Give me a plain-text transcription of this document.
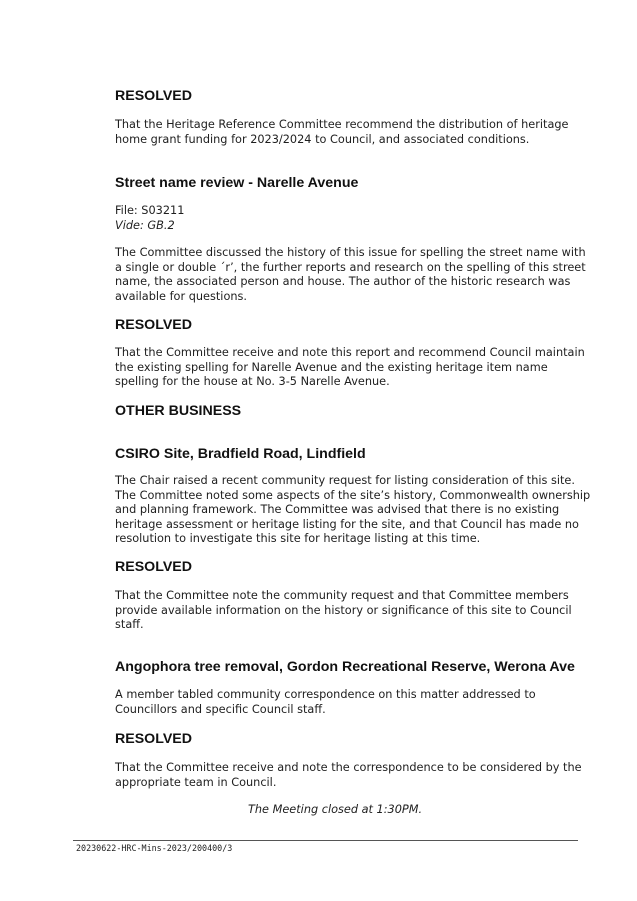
RESOLVED
That the Heritage Reference Committee recommend the distribution of heritage
home grant funding for 2023/2024 to Council, and associated conditions.
Street name review - Narelle Avenue
File: S03211
Vide: GB.2
The Committee discussed the history of this issue for spelling the street name with
a single or double ´r’, the further reports and research on the spelling of this street
name, the associated person and house. The author of the historic research was
available for questions.
RESOLVED
That the Committee receive and note this report and recommend Council maintain
the existing spelling for Narelle Avenue and the existing heritage item name
spelling for the house at No. 3-5 Narelle Avenue.
OTHER BUSINESS
CSIRO Site, Bradfield Road, Lindfield
The Chair raised a recent community request for listing consideration of this site.
The Committee noted some aspects of the site’s history, Commonwealth ownership
and planning framework. The Committee was advised that there is no existing
heritage assessment or heritage listing for the site, and that Council has made no
resolution to investigate this site for heritage listing at this time.
RESOLVED
That the Committee note the community request and that Committee members
provide available information on the history or significance of this site to Council
staff.
Angophora tree removal, Gordon Recreational Reserve, Werona Ave
A member tabled community correspondence on this matter addressed to
Councillors and specific Council staff.
RESOLVED
That the Committee receive and note the correspondence to be considered by the
appropriate team in Council.

The Meeting closed at 1:30PM.

20230622-HRC-Mins-2023/200400/3
